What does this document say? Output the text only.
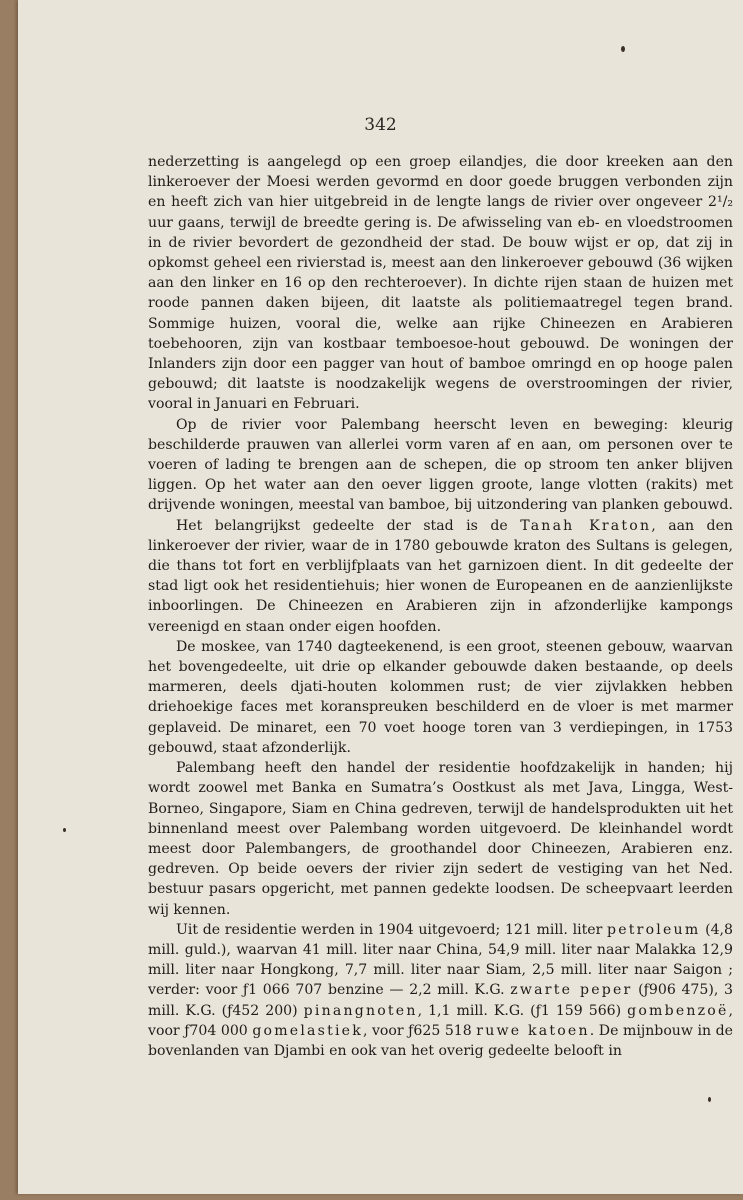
342

nederzetting is aangelegd op een groep eilandjes, die door kreeken aan den linkeroever der Moesi werden gevormd en door goede bruggen verbonden zijn en heeft zich van hier uitgebreid in de lengte langs de rivier over ongeveer 2¹/₂ uur gaans, terwijl de breedte gering is. De afwisseling van eb- en vloedstroomen in de rivier bevordert de gezondheid der stad. De bouw wijst er op, dat zij in opkomst geheel een rivierstad is, meest aan den linkeroever gebouwd (36 wijken aan den linker en 16 op den rechteroever). In dichte rijen staan de huizen met roode pannen daken bijeen, dit laatste als politiemaatregel tegen brand. Sommige huizen, vooral die, welke aan rijke Chineezen en Arabieren toebehooren, zijn van kostbaar temboesoe-hout gebouwd. De woningen der Inlanders zijn door een pagger van hout of bamboe omringd en op hooge palen gebouwd; dit laatste is noodzakelijk wegens de overstroomingen der rivier, vooral in Januari en Februari.

Op de rivier voor Palembang heerscht leven en beweging: kleurig beschilderde prauwen van allerlei vorm varen af en aan, om personen over te voeren of lading te brengen aan de schepen, die op stroom ten anker blijven liggen. Op het water aan den oever liggen groote, lange vlotten (rakits) met drijvende woningen, meestal van bamboe, bij uitzondering van planken gebouwd.

Het belangrijkst gedeelte der stad is de Tanah Kraton, aan den linkeroever der rivier, waar de in 1780 gebouwde kraton des Sultans is gelegen, die thans tot fort en verblijfplaats van het garnizoen dient. In dit gedeelte der stad ligt ook het residentiehuis; hier wonen de Europeanen en de aanzienlijkste inboorlingen. De Chineezen en Arabieren zijn in afzonderlijke kampongs vereenigd en staan onder eigen hoofden.

De moskee, van 1740 dagteekenend, is een groot, steenen gebouw, waarvan het bovengedeelte, uit drie op elkander gebouwde daken bestaande, op deels marmeren, deels djati-houten kolommen rust; de vier zijvlakken hebben driehoekige faces met koranspreuken beschilderd en de vloer is met marmer geplaveid. De minaret, een 70 voet hooge toren van 3 verdiepingen, in 1753 gebouwd, staat afzonderlijk.

Palembang heeft den handel der residentie hoofdzakelijk in handen; hij wordt zoowel met Banka en Sumatra’s Oostkust als met Java, Lingga, West-Borneo, Singapore, Siam en China gedreven, terwijl de handelsprodukten uit het binnenland meest over Palembang worden uitgevoerd. De kleinhandel wordt meest door Palembangers, de groothandel door Chineezen, Arabieren enz. gedreven. Op beide oevers der rivier zijn sedert de vestiging van het Ned. bestuur pasars opgericht, met pannen gedekte loodsen. De scheepvaart leerden wij kennen.

Uit de residentie werden in 1904 uitgevoerd; 121 mill. liter petroleum (4,8 mill. guld.), waarvan 41 mill. liter naar China, 54,9 mill. liter naar Malakka 12,9 mill. liter naar Hongkong, 7,7 mill. liter naar Siam, 2,5 mill. liter naar Saigon ; verder: voor ƒ1 066 707 benzine — 2,2 mill. K.G. zwarte peper (ƒ906 475), 3 mill. K.G. (ƒ452 200) pinangnoten, 1,1 mill. K.G. (ƒ1 159 566) gombenzoë, voor ƒ704 000 gomelastiek, voor ƒ625 518 ruwe katoen. De mijnbouw in de bovenlanden van Djambi en ook van het overig gedeelte belooft in
